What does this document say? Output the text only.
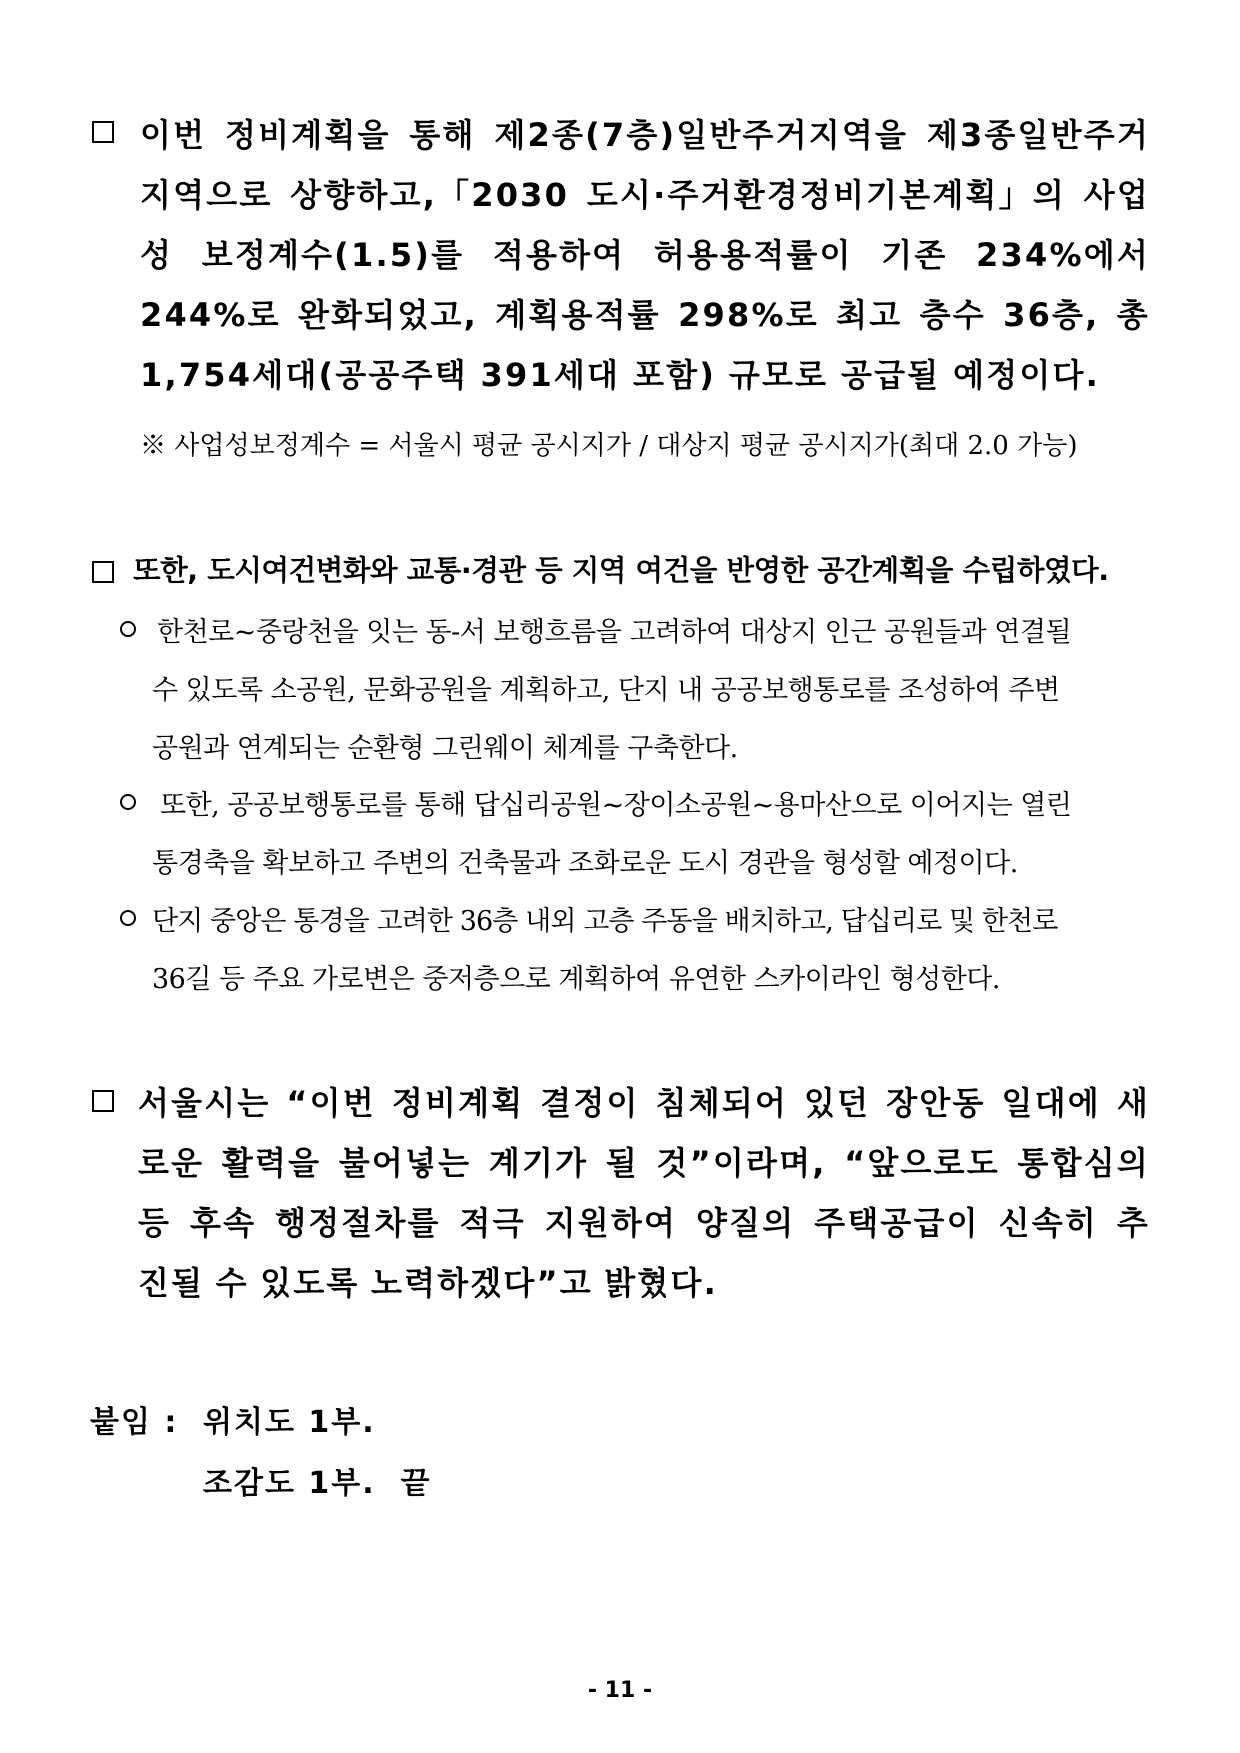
이번 정비계획을 통해 제2종(7층)일반주거지역을 제3종일반주거
지역으로 상향하고,「2030 도시·주거환경정비기본계획」의 사업
성 보정계수(1.5)를 적용하여 허용용적률이 기존 234%에서
244%로 완화되었고, 계획용적률 298%로 최고 층수 36층, 총
1,754세대(공공주택 391세대 포함) 규모로 공급될 예정이다.
※ 사업성보정계수 = 서울시 평균 공시지가 / 대상지 평균 공시지가(최대 2.0 가능)
또한, 도시여건변화와 교통·경관 등 지역 여건을 반영한 공간계획을 수립하였다.
한천로~중랑천을 잇는 동-서 보행흐름을 고려하여 대상지 인근 공원들과 연결될
수 있도록 소공원, 문화공원을 계획하고, 단지 내 공공보행통로를 조성하여 주변
공원과 연계되는 순환형 그린웨이 체계를 구축한다.
또한, 공공보행통로를 통해 답십리공원~장이소공원~용마산으로 이어지는 열린
통경축을 확보하고 주변의 건축물과 조화로운 도시 경관을 형성할 예정이다.
단지 중앙은 통경을 고려한 36층 내외 고층 주동을 배치하고, 답십리로 및 한천로
36길 등 주요 가로변은 중저층으로 계획하여 유연한 스카이라인 형성한다.
서울시는 “이번 정비계획 결정이 침체되어 있던 장안동 일대에 새
로운 활력을 불어넣는 계기가 될 것”이라며, “앞으로도 통합심의
등 후속 행정절차를 적극 지원하여 양질의 주택공급이 신속히 추
진될 수 있도록 노력하겠다”고 밝혔다.
붙임 : 위치도 1부.
조감도 1부.  끝
- 11 -
